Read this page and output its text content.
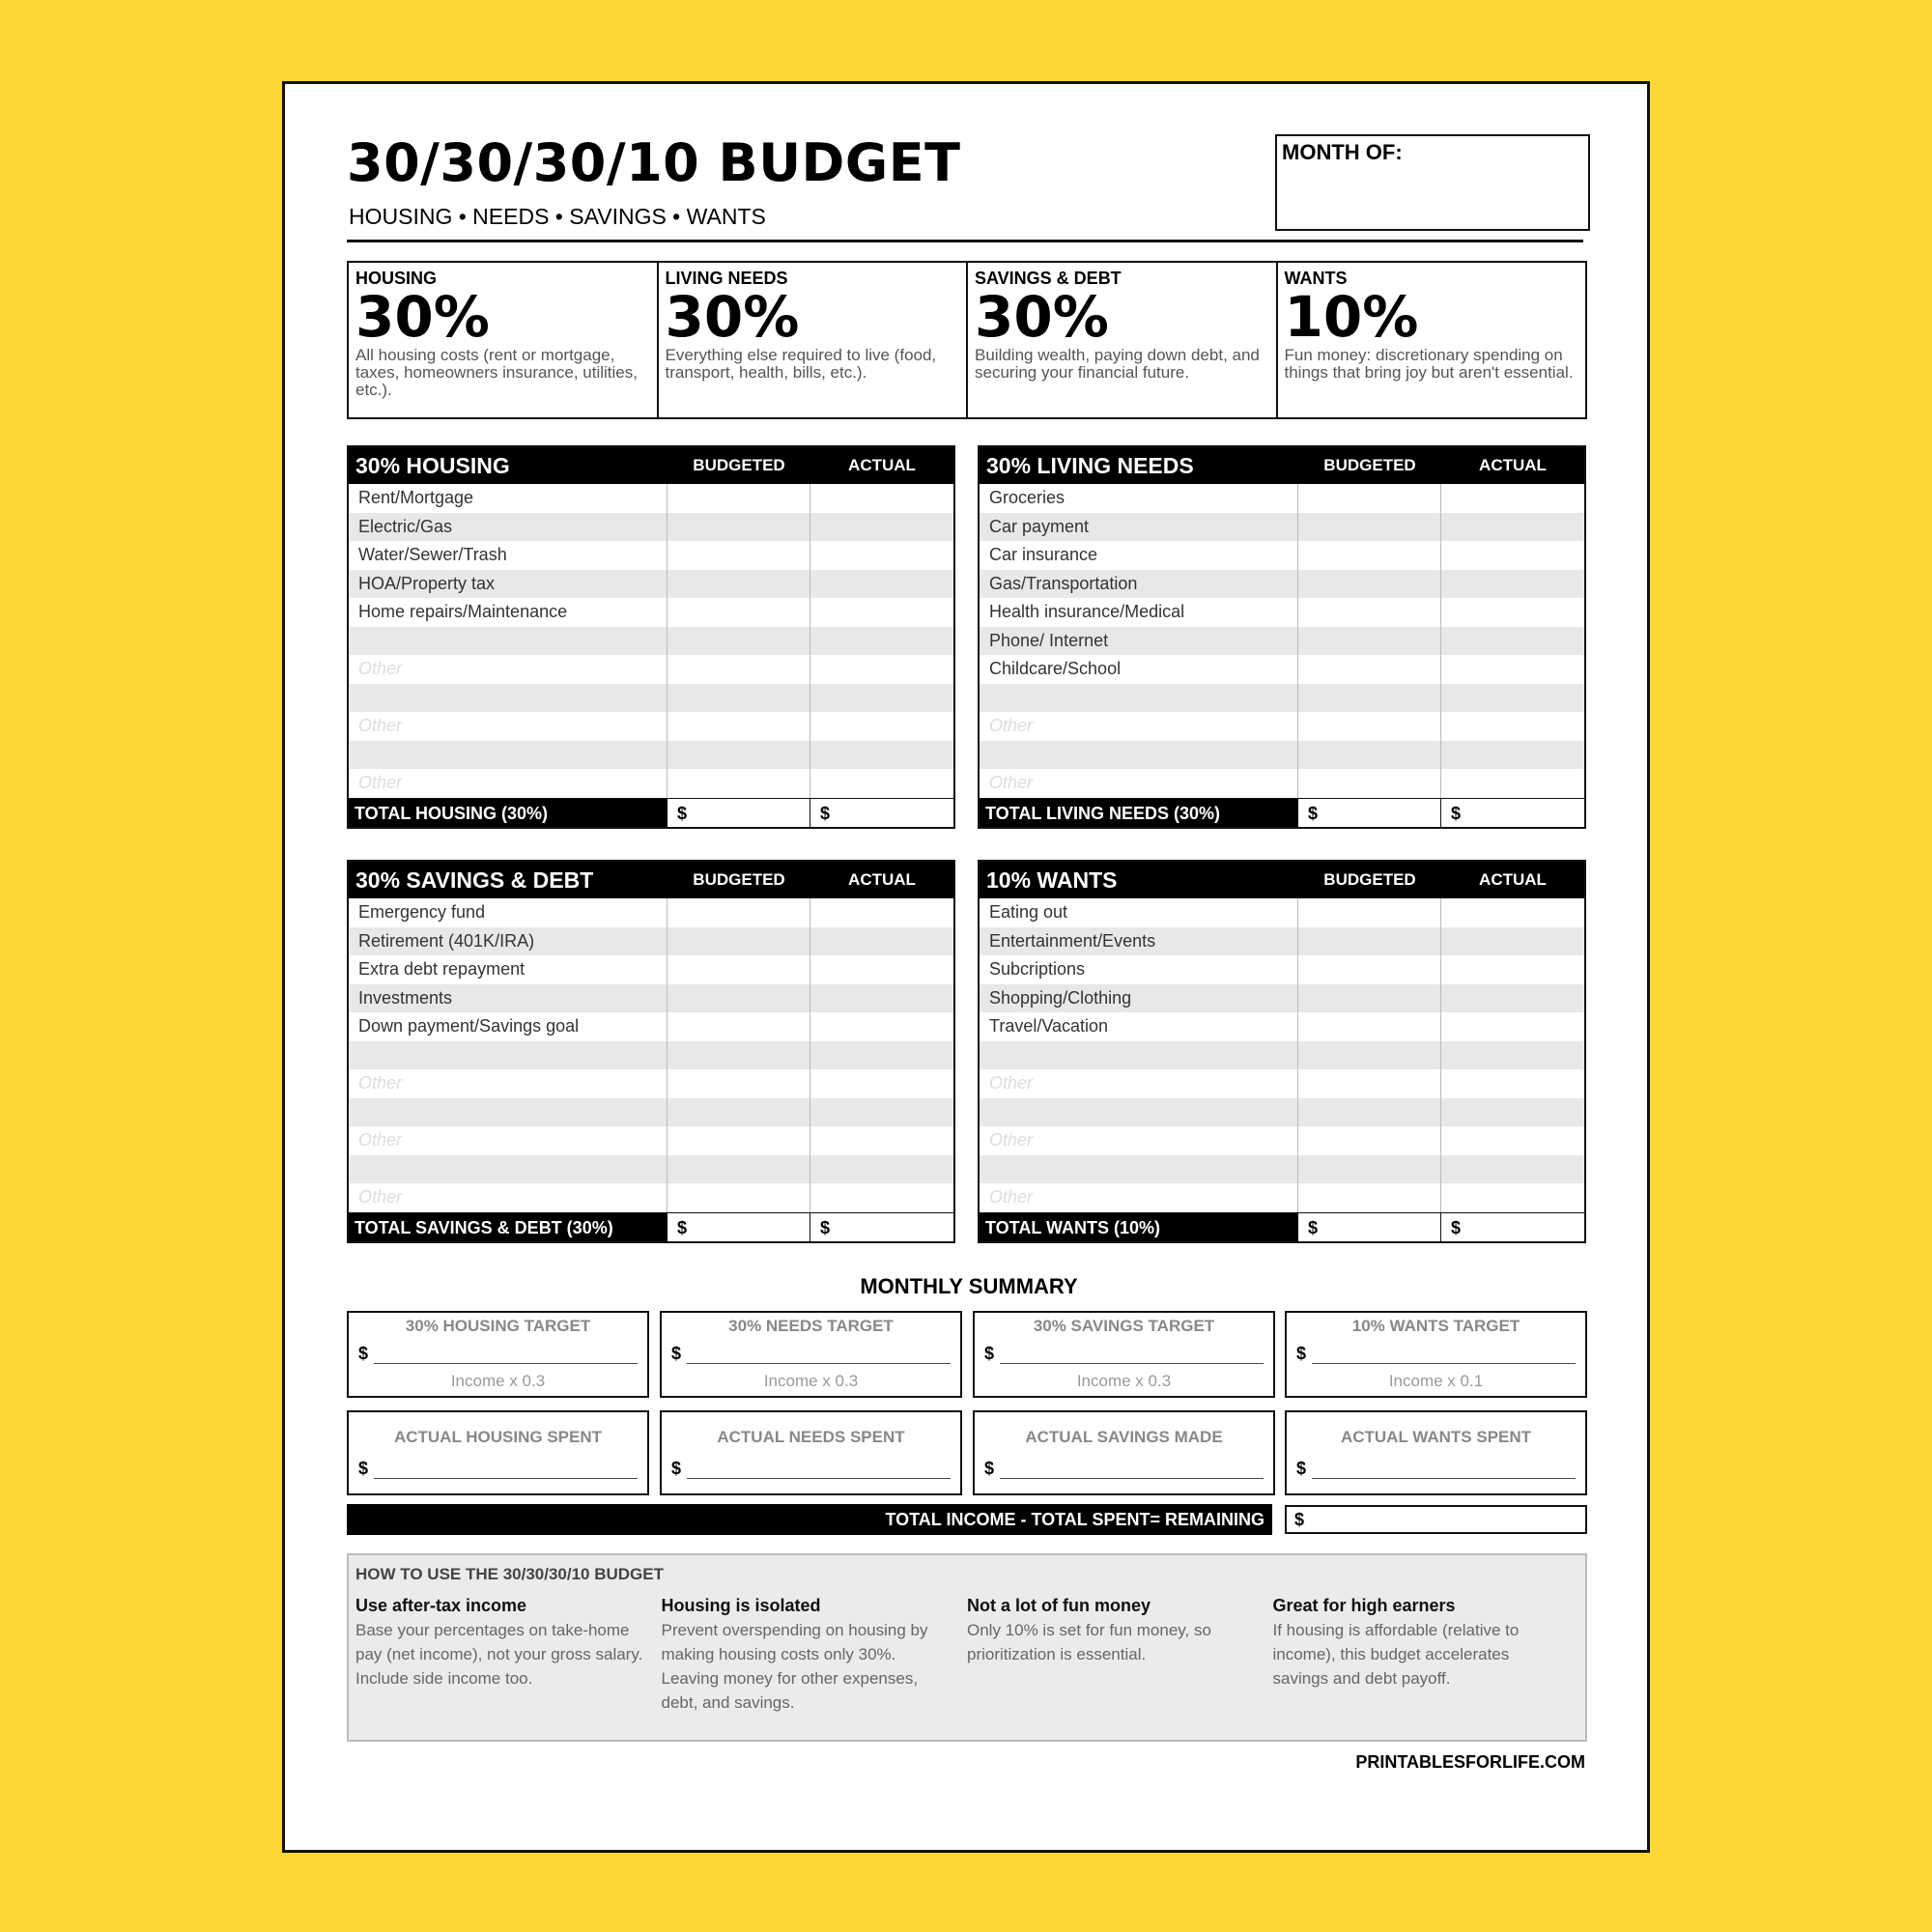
30/30/30/10 BUDGET
HOUSING • NEEDS • SAVINGS • WANTS
MONTH OF:
HOUSING
30%
All housing costs (rent or mortgage, taxes, homeowners insurance, utilities, etc.).
LIVING NEEDS
30%
Everything else required to live (food, transport, health, bills, etc.).
SAVINGS & DEBT
30%
Building wealth, paying down debt, and securing your financial future.
WANTS
10%
Fun money: discretionary spending on things that bring joy but aren't essential.
30% HOUSING	BUDGETED	ACTUAL
Rent/Mortgage
Electric/Gas
Water/Sewer/Trash
HOA/Property tax
Home repairs/Maintenance
Other
Other
Other
TOTAL HOUSING (30%)	$	$
30% LIVING NEEDS	BUDGETED	ACTUAL
Groceries
Car payment
Car insurance
Gas/Transportation
Health insurance/Medical
Phone/ Internet
Childcare/School
Other
Other
TOTAL LIVING NEEDS (30%)	$	$
30% SAVINGS & DEBT	BUDGETED	ACTUAL
Emergency fund
Retirement (401K/IRA)
Extra debt repayment
Investments
Down payment/Savings goal
Other
Other
Other
TOTAL SAVINGS & DEBT (30%)	$	$
10% WANTS	BUDGETED	ACTUAL
Eating out
Entertainment/Events
Subcriptions
Shopping/Clothing
Travel/Vacation
Other
Other
Other
TOTAL WANTS (10%)	$	$
MONTHLY SUMMARY
30% HOUSING TARGET
$
Income x 0.3
30% NEEDS TARGET
$
Income x 0.3
30% SAVINGS TARGET
$
Income x 0.3
10% WANTS TARGET
$
Income x 0.1
ACTUAL HOUSING SPENT
$
ACTUAL NEEDS SPENT
$
ACTUAL SAVINGS MADE
$
ACTUAL WANTS SPENT
$
TOTAL INCOME - TOTAL SPENT= REMAINING	$
HOW TO USE THE 30/30/30/10 BUDGET
Use after-tax income

Base your percentages on take-home pay (net income), not your gross salary. Include side income too.

Housing is isolated

Prevent overspending on housing by making housing costs only 30%. Leaving money for other expenses, debt, and savings.

Not a lot of fun money

Only 10% is set for fun money, so prioritization is essential.

Great for high earners

If housing is affordable (relative to income), this budget accelerates savings and debt payoff.

PRINTABLESFORLIFE.COM
